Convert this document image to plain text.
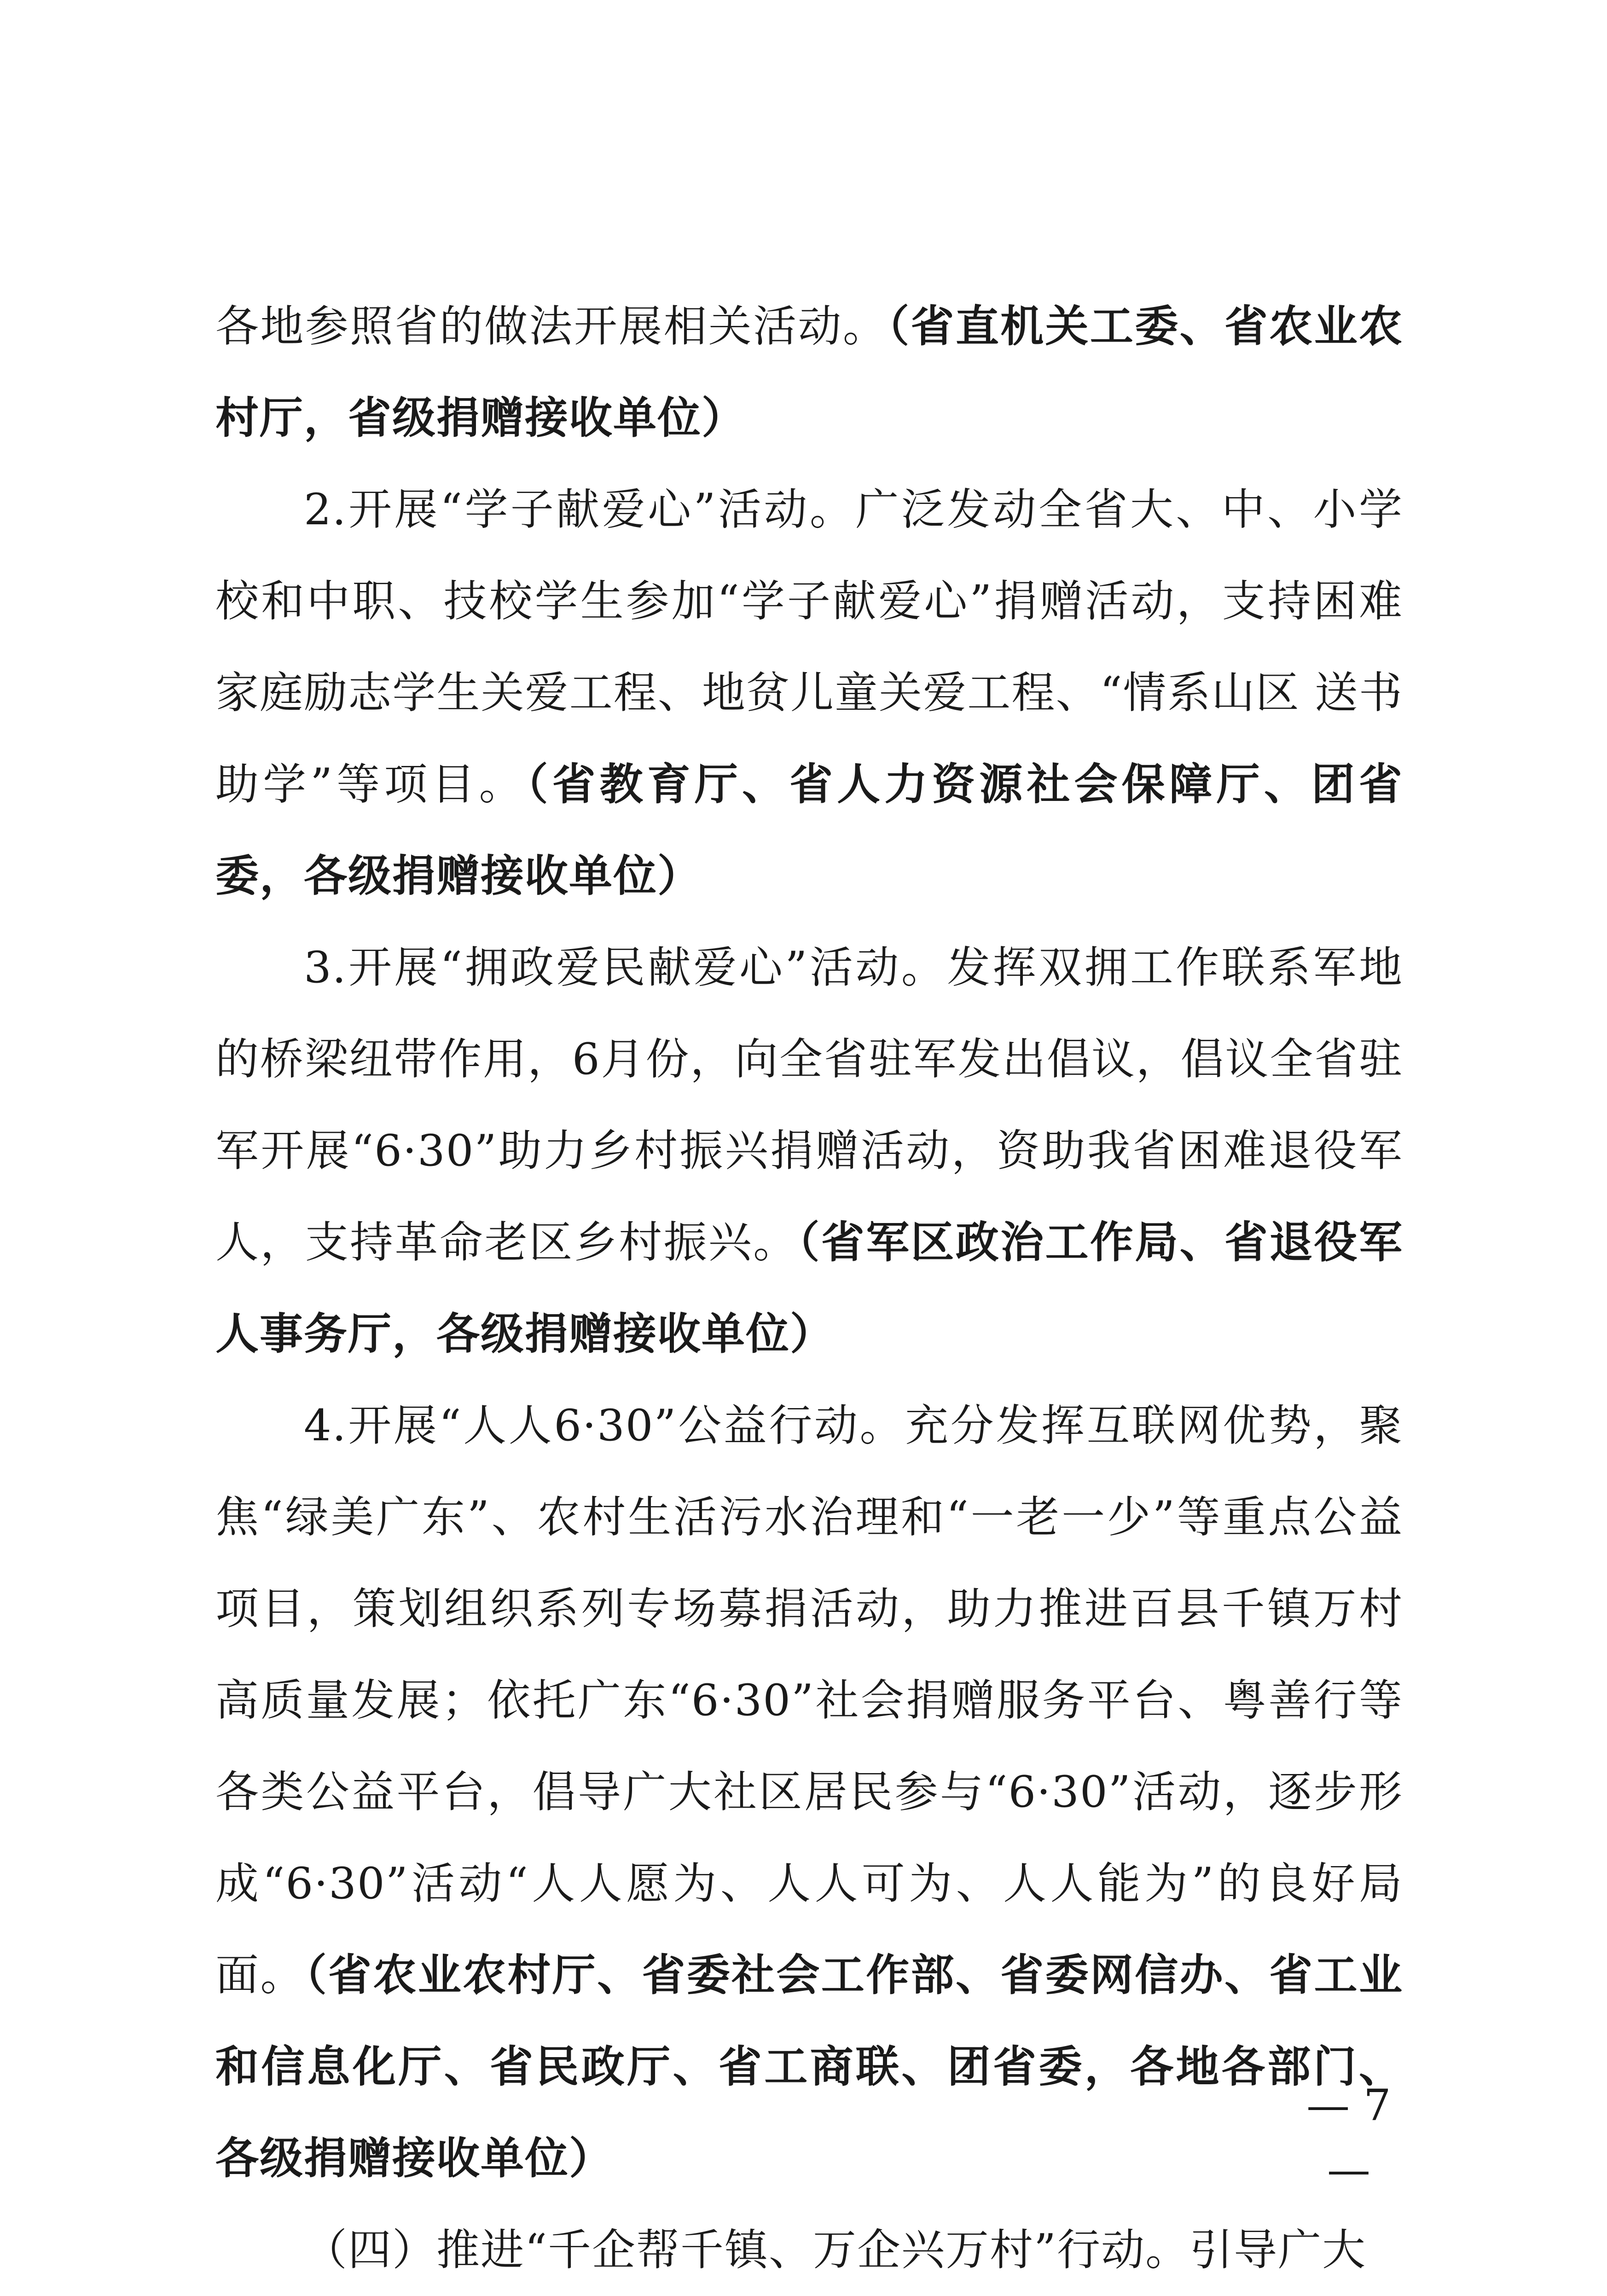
各地参照省的做法开展相关活动。（省直机关工委、省农业农村厅，省级捐赠接收单位）

2.开展“学子献爱心”活动。广泛发动全省大、中、小学校和中职、技校学生参加“学子献爱心”捐赠活动，支持困难家庭励志学生关爱工程、地贫儿童关爱工程、“情系山区 送书助学”等项目。（省教育厅、省人力资源社会保障厅、团省委，各级捐赠接收单位）

3.开展“拥政爱民献爱心”活动。发挥双拥工作联系军地的桥梁纽带作用，6月份，向全省驻军发出倡议，倡议全省驻军开展“6·30”助力乡村振兴捐赠活动，资助我省困难退役军人，支持革命老区乡村振兴。（省军区政治工作局、省退役军人事务厅，各级捐赠接收单位）

4.开展“人人6·30”公益行动。充分发挥互联网优势，聚焦“绿美广东”、农村生活污水治理和“一老一少”等重点公益项目，策划组织系列专场募捐活动，助力推进百县千镇万村高质量发展；依托广东“6·30”社会捐赠服务平台、粤善行等各类公益平台，倡导广大社区居民参与“6·30”活动，逐步形成“6·30”活动“人人愿为、人人可为、人人能为”的良好局面。（省农业农村厅、省委社会工作部、省委网信办、省工业和信息化厅、省民政厅、省工商联、团省委，各地各部门、各级捐赠接收单位）

（四）推进“千企帮千镇、万企兴万村”行动。引导广大

— 7 —
